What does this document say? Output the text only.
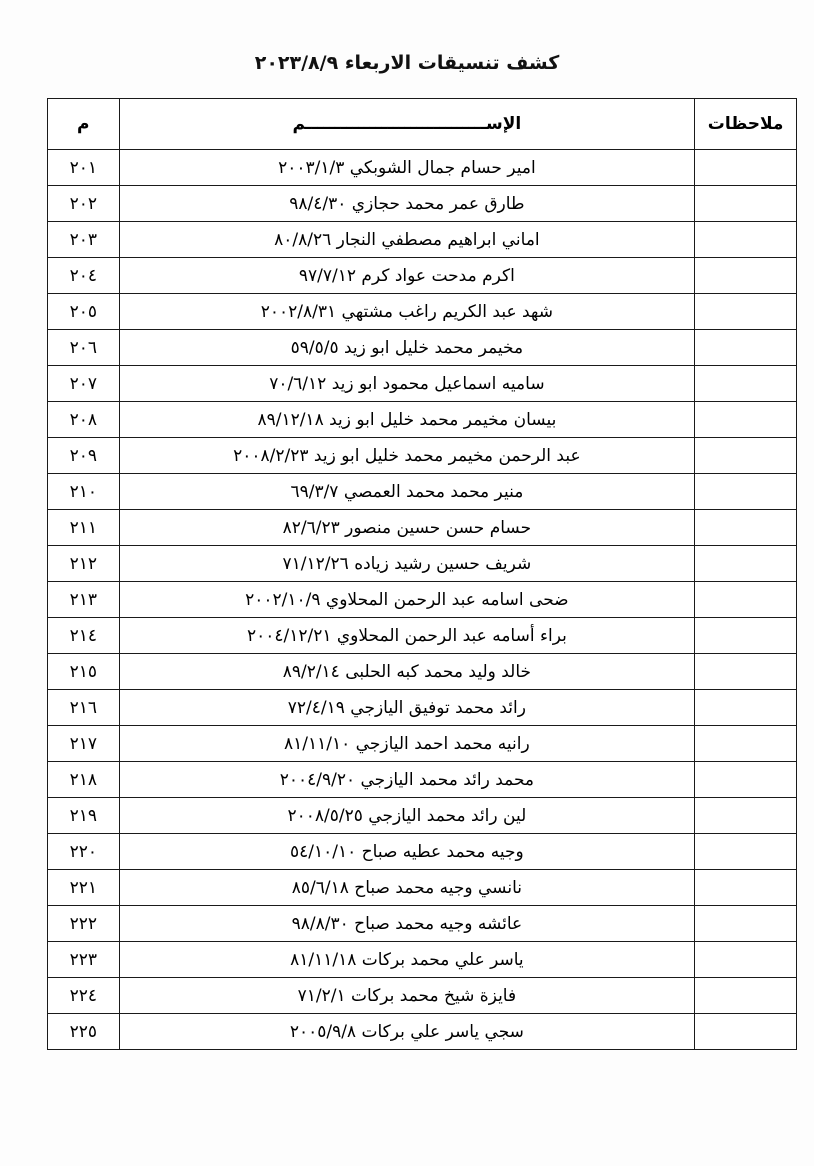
كشف تنسيقات الاربعاء ٢٠٢٣/٨/٩
ملاحظات	الإســـــــــــــــــــــــــــــــم	م
	امير حسام جمال الشوبكي ٢٠٠٣/١/٣	٢٠١
	طارق عمر محمد حجازي ٩٨/٤/٣٠	٢٠٢
	اماني ابراهيم مصطفي النجار ٨٠/٨/٢٦	٢٠٣
	اكرم مدحت عواد كرم ٩٧/٧/١٢	٢٠٤
	شهد عبد الكريم راغب مشتهي ٢٠٠٢/٨/٣١	٢٠٥
	مخيمر محمد خليل ابو زيد ٥٩/٥/٥	٢٠٦
	ساميه اسماعيل محمود ابو زيد ٧٠/٦/١٢	٢٠٧
	بيسان مخيمر محمد خليل ابو زيد ٨٩/١٢/١٨	٢٠٨
	عبد الرحمن مخيمر محمد خليل ابو زيد ٢٠٠٨/٢/٢٣	٢٠٩
	منير محمد محمد العمصي ٦٩/٣/٧	٢١٠
	حسام حسن حسين منصور ٨٢/٦/٢٣	٢١١
	شريف حسين رشيد زياده ٧١/١٢/٢٦	٢١٢
	ضحى اسامه عبد الرحمن المحلاوي ٢٠٠٢/١٠/٩	٢١٣
	براء أسامه عبد الرحمن المحلاوي ٢٠٠٤/١٢/٢١	٢١٤
	خالد وليد محمد كبه الحلبى ٨٩/٢/١٤	٢١٥
	رائد محمد توفيق اليازجي ٧٢/٤/١٩	٢١٦
	رانيه محمد احمد اليازجي ٨١/١١/١٠	٢١٧
	محمد رائد محمد اليازجي ٢٠٠٤/٩/٢٠	٢١٨
	لين رائد محمد اليازجي ٢٠٠٨/٥/٢٥	٢١٩
	وجيه محمد عطيه صباح ٥٤/١٠/١٠	٢٢٠
	نانسي وجيه محمد صباح ٨٥/٦/١٨	٢٢١
	عائشه وجيه محمد صباح ٩٨/٨/٣٠	٢٢٢
	ياسر علي محمد بركات ٨١/١١/١٨	٢٢٣
	فايزة شيخ محمد بركات ٧١/٢/١	٢٢٤
	سجي ياسر علي بركات ٢٠٠٥/٩/٨	٢٢٥
